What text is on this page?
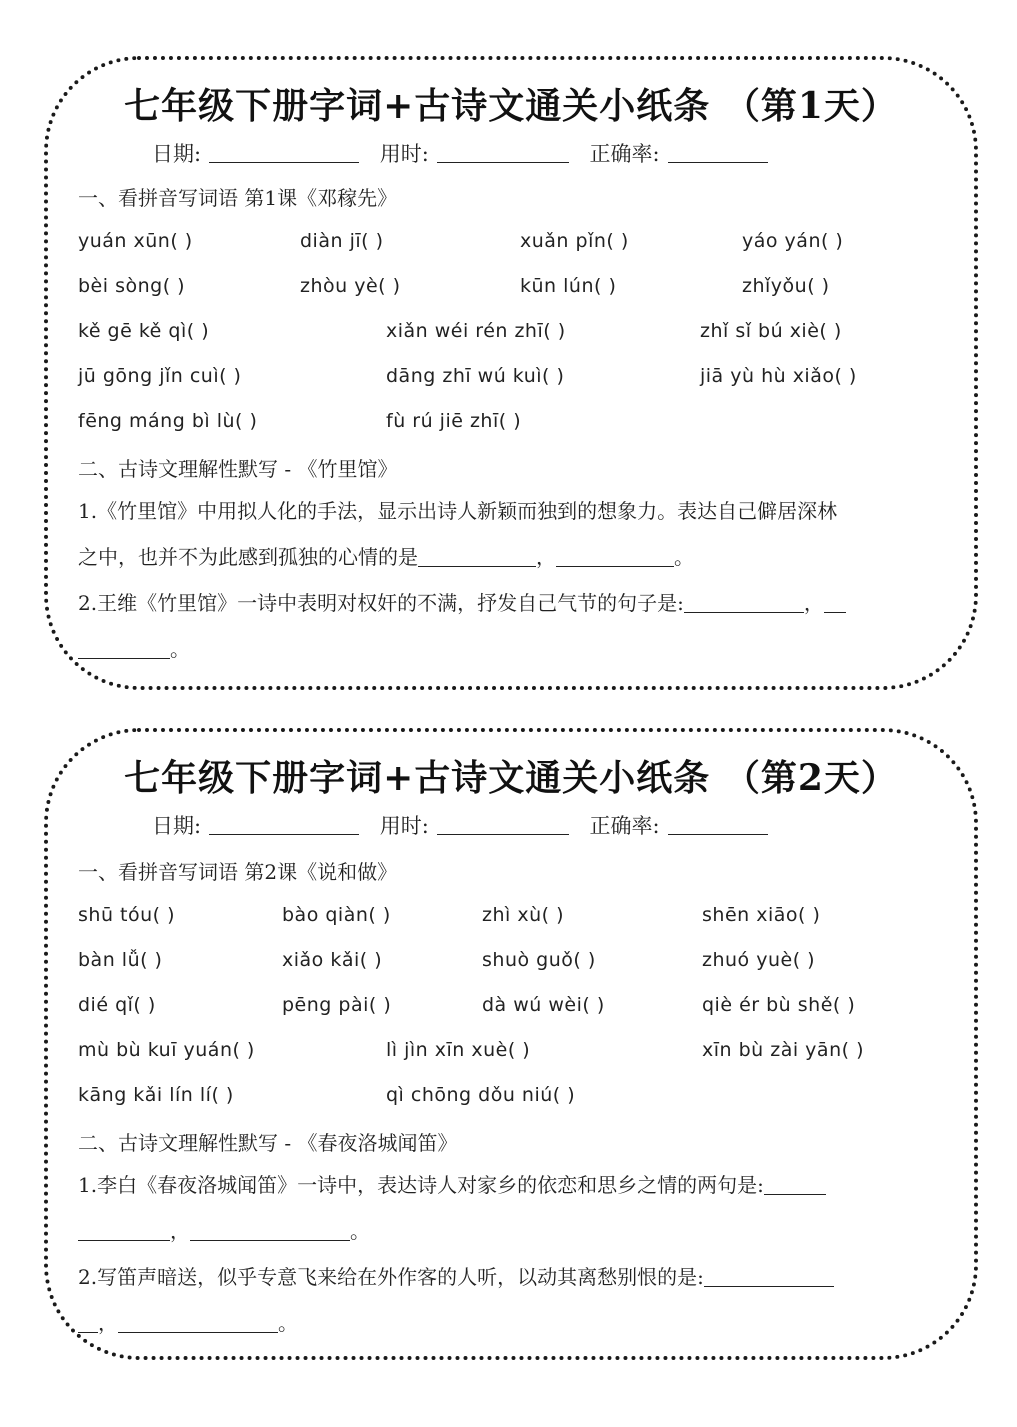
七年级下册字词+古诗文通关小纸条 （第1天）
日期:	用时:	正确率:
一、看拼音写词语 第1课《邓稼先》
yuán xūn( )	diàn jī( )	xuǎn pǐn( )	yáo yán( )
bèi sòng( )	zhòu yè( )	kūn lún( )	zhǐyǒu( )
kě gē kě qì( )	xiǎn wéi rén zhī( )	zhǐ sǐ bú xiè( )
jū gōng jǐn cuì( )	dāng zhī wú kuì( )	jiā yù hù xiǎo( )
fēng máng bì lù( )	fù rú jiē zhī( )
二、古诗文理解性默写 - 《竹里馆》
1.《竹里馆》中用拟人化的手法，显示出诗人新颖而独到的想象力。表达自己僻居深林
之中，也并不为此感到孤独的心情的是	，	。
2.王维《竹里馆》一诗中表明对权奸的不满，抒发自己气节的句子是:	，
。
七年级下册字词+古诗文通关小纸条 （第2天）
日期:	用时:	正确率:
一、看拼音写词语 第2课《说和做》
shū tóu( )	bào qiàn( )	zhì xù( )	shēn xiāo( )
bàn lǚ( )	xiǎo kǎi( )	shuò guǒ( )	zhuó yuè( )
dié qǐ( )	pēng pài( )	dà wú wèi( )	qiè ér bù shě( )
mù bù kuī yuán( )	lì jìn xīn xuè( )	xīn bù zài yān( )
kāng kǎi lín lí( )	qì chōng dǒu niú( )
二、古诗文理解性默写 - 《春夜洛城闻笛》
1.李白《春夜洛城闻笛》一诗中，表达诗人对家乡的依恋和思乡之情的两句是:
，	。
2.写笛声暗送，似乎专意飞来给在外作客的人听，以动其离愁别恨的是:
，	。
